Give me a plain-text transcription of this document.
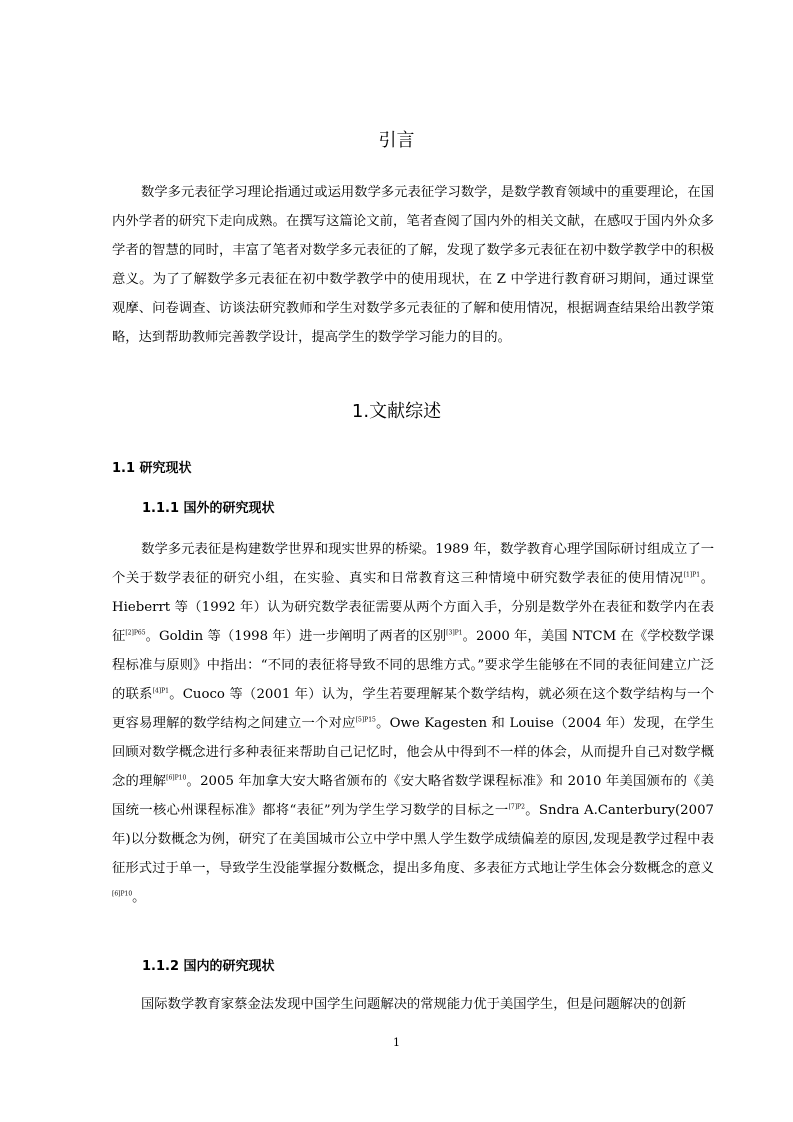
引言

数学多元表征学习理论指通过或运用数学多元表征学习数学，是数学教育领域中的重要理论，在国内外学者的研究下走向成熟。在撰写这篇论文前，笔者查阅了国内外的相关文献，在感叹于国内外众多学者的智慧的同时，丰富了笔者对数学多元表征的了解，发现了数学多元表征在初中数学教学中的积极意义。为了了解数学多元表征在初中数学教学中的使用现状，在 Z 中学进行教育研习期间，通过课堂观摩、问卷调查、访谈法研究教师和学生对数学多元表征的了解和使用情况，根据调查结果给出教学策略，达到帮助教师完善教学设计，提高学生的数学学习能力的目的。

1.文献综述
1.1 研究现状
1.1.1 国外的研究现状

数学多元表征是构建数学世界和现实世界的桥梁。1989 年，数学教育心理学国际研讨组成立了一个关于数学表征的研究小组，在实验、真实和日常教育这三种情境中研究数学表征的使用情况$^{[1]P1}$。Hieberrt 等（1992 年）认为研究数学表征需要从两个方面入手，分别是数学外在表征和数学内在表征$^{[2]P65}$。Goldin 等（1998 年）进一步阐明了两者的区别$^{[3]P1}$。2000 年，美国 NTCM 在《学校数学课程标准与原则》中指出：“不同的表征将导致不同的思维方式。”要求学生能够在不同的表征间建立广泛的联系$^{[4]P1}$。Cuoco 等（2001 年）认为，学生若要理解某个数学结构，就必须在这个数学结构与一个更容易理解的数学结构之间建立一个对应$^{[5]P15}$。Owe Kagesten 和 Louise（2004 年）发现，在学生回顾对数学概念进行多种表征来帮助自己记忆时，他会从中得到不一样的体会，从而提升自己对数学概念的理解$^{[6]P10}$。2005 年加拿大安大略省颁布的《安大略省数学课程标准》和 2010 年美国颁布的《美国统一核心州课程标准》都将“表征”列为学生学习数学的目标之一$^{[7]P2}$。Sndra A.Canterbury(2007 年)以分数概念为例，研究了在美国城市公立中学中黑人学生数学成绩偏差的原因,发现是教学过程中表征形式过于单一，导致学生没能掌握分数概念，提出多角度、多表征方式地让学生体会分数概念的意义$^{[6]P10}$。

1.1.2 国内的研究现状

国际数学教育家蔡金法发现中国学生问题解决的常规能力优于美国学生，但是问题解决的创新

1
